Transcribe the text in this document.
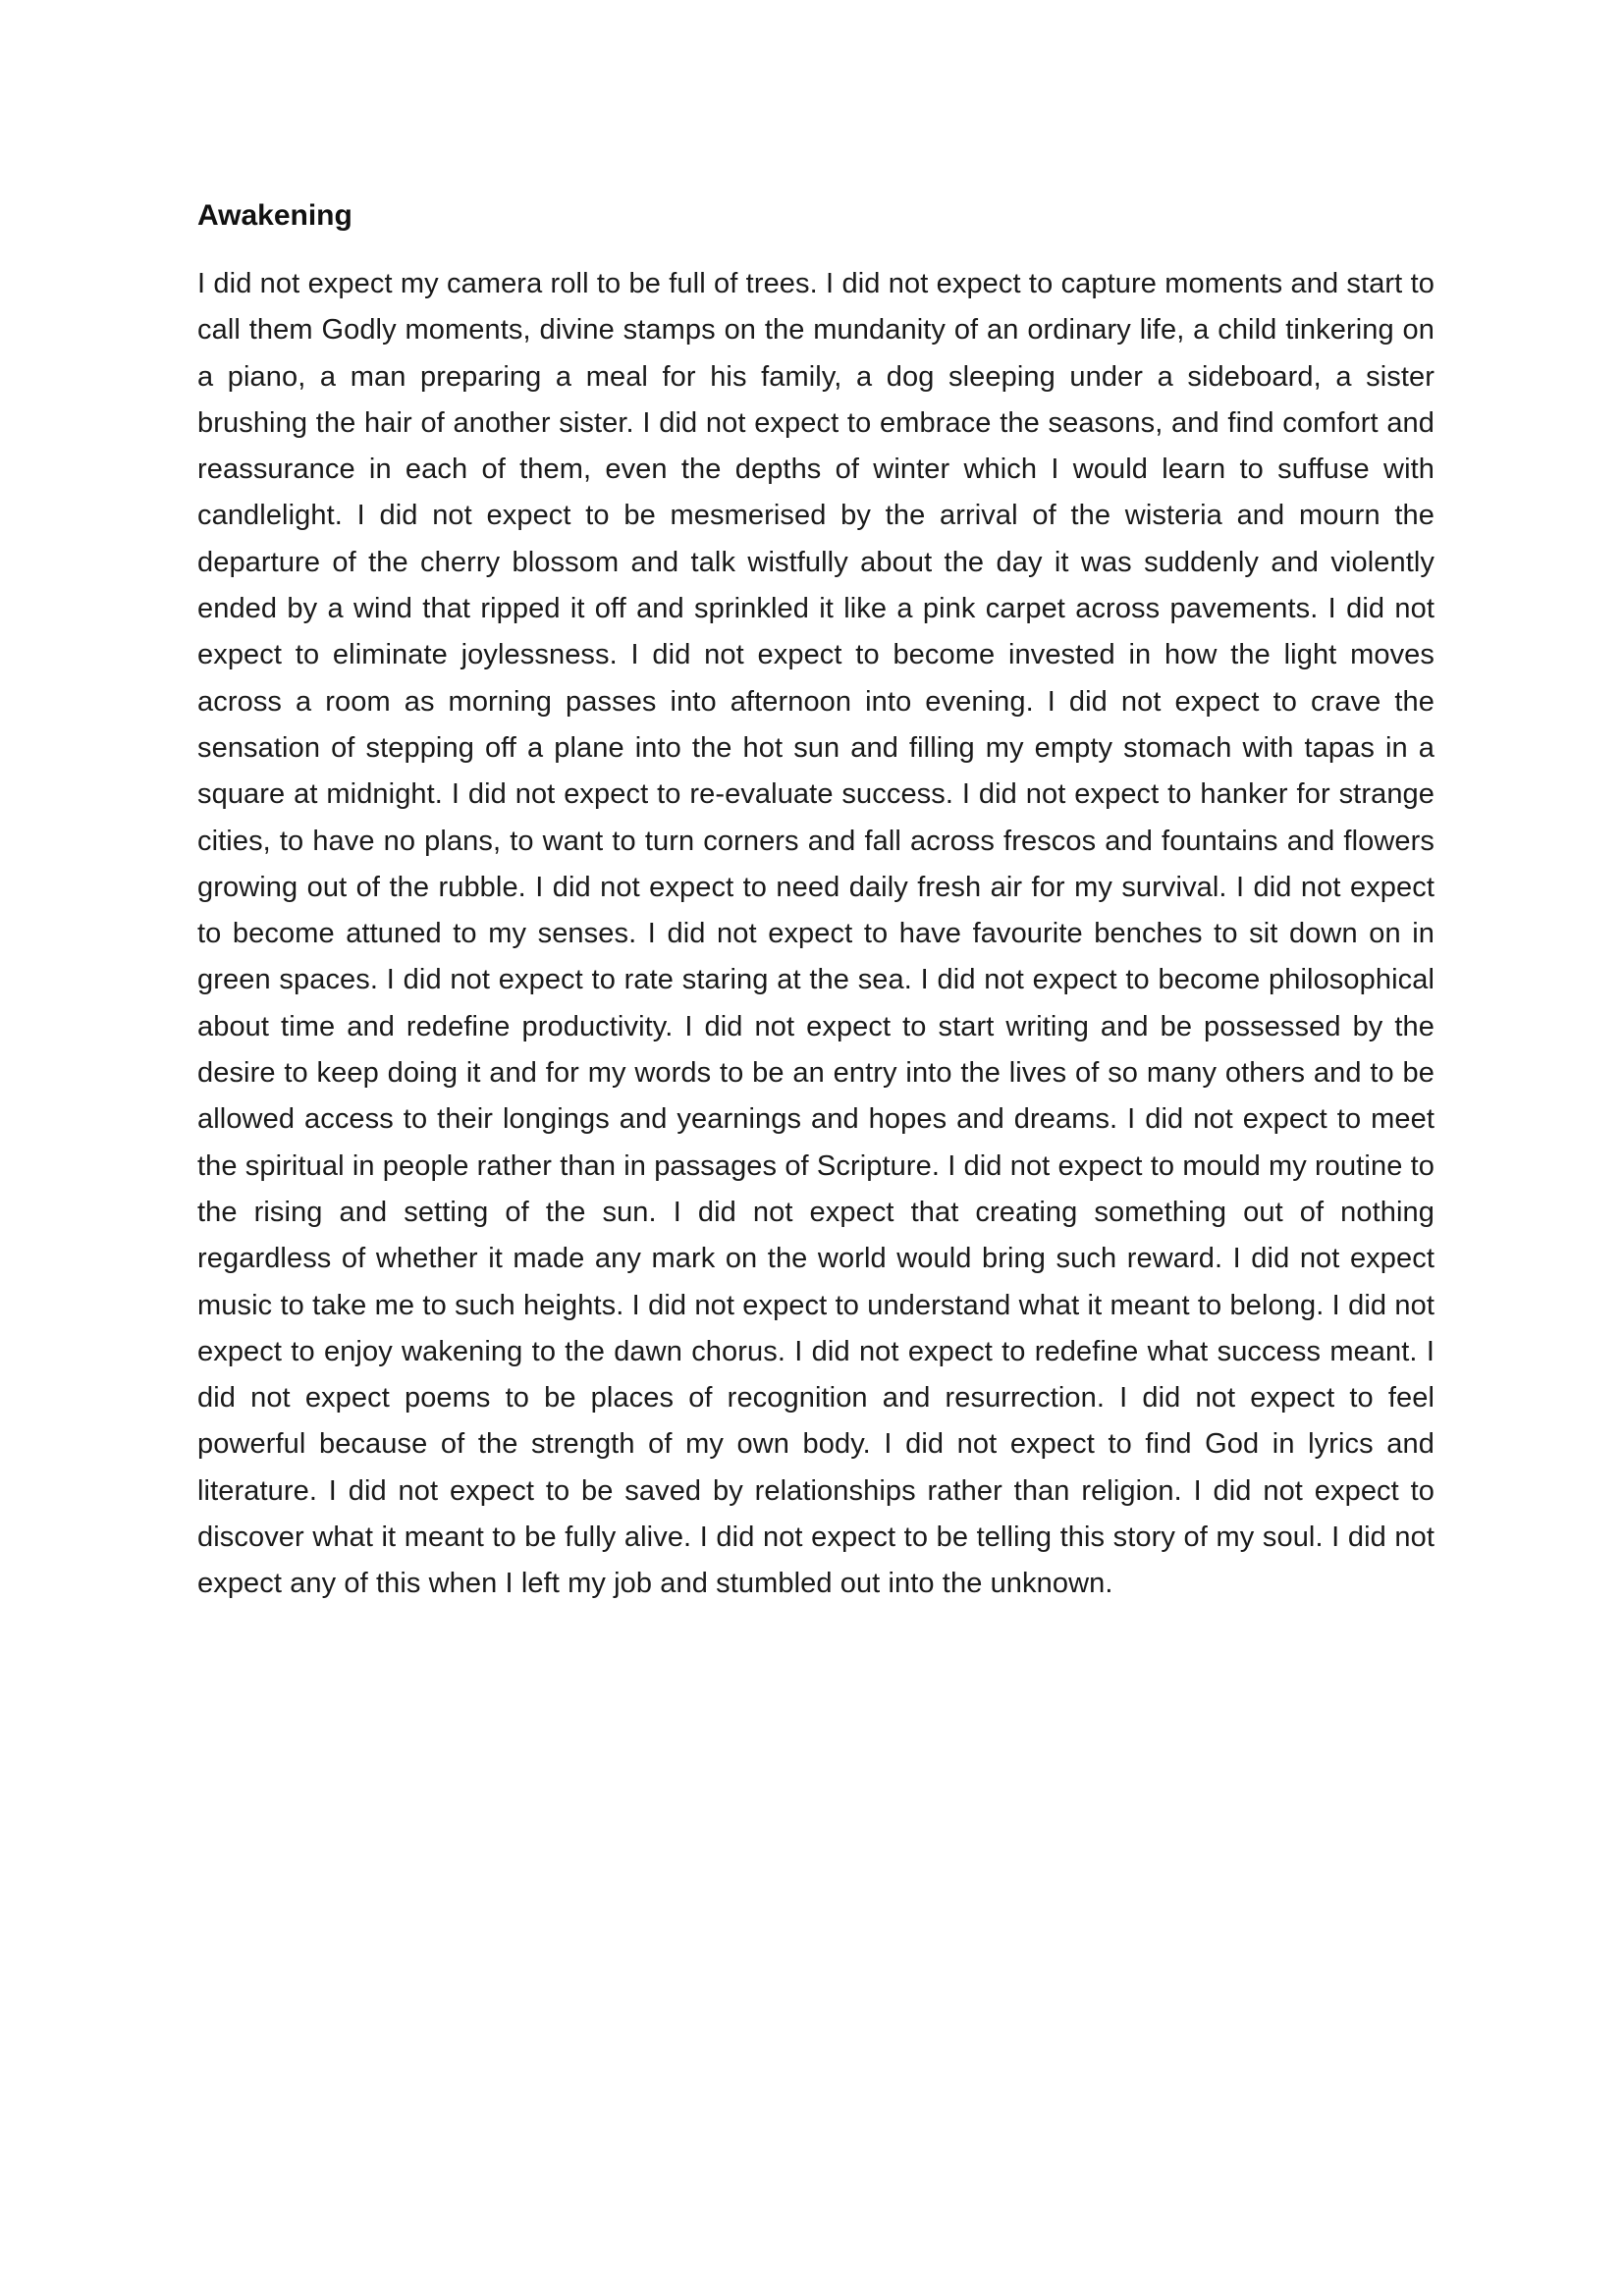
Awakening

I did not expect my camera roll to be full of trees. I did not expect to capture moments and start to call them Godly moments, divine stamps on the mundanity of an ordinary life, a child tinkering on a piano, a man preparing a meal for his family, a dog sleeping under a sideboard, a sister brushing the hair of another sister. I did not expect to embrace the seasons, and find comfort and reassurance in each of them, even the depths of winter which I would learn to suffuse with candlelight. I did not expect to be mesmerised by the arrival of the wisteria and mourn the departure of the cherry blossom and talk wistfully about the day it was suddenly and violently ended by a wind that ripped it off and sprinkled it like a pink carpet across pavements. I did not expect to eliminate joylessness. I did not expect to become invested in how the light moves across a room as morning passes into afternoon into evening. I did not expect to crave the sensation of stepping off a plane into the hot sun and filling my empty stomach with tapas in a square at midnight. I did not expect to re-evaluate success. I did not expect to hanker for strange cities, to have no plans, to want to turn corners and fall across frescos and fountains and flowers growing out of the rubble. I did not expect to need daily fresh air for my survival. I did not expect to become attuned to my senses. I did not expect to have favourite benches to sit down on in green spaces. I did not expect to rate staring at the sea. I did not expect to become philosophical about time and redefine productivity. I did not expect to start writing and be possessed by the desire to keep doing it and for my words to be an entry into the lives of so many others and to be allowed access to their longings and yearnings and hopes and dreams. I did not expect to meet the spiritual in people rather than in passages of Scripture. I did not expect to mould my routine to the rising and setting of the sun. I did not expect that creating something out of nothing regardless of whether it made any mark on the world would bring such reward. I did not expect music to take me to such heights. I did not expect to understand what it meant to belong. I did not expect to enjoy wakening to the dawn chorus. I did not expect to redefine what success meant. I did not expect poems to be places of recognition and resurrection. I did not expect to feel powerful because of the strength of my own body. I did not expect to find God in lyrics and literature. I did not expect to be saved by relationships rather than religion. I did not expect to discover what it meant to be fully alive. I did not expect to be telling this story of my soul. I did not expect any of this when I left my job and stumbled out into the unknown.
